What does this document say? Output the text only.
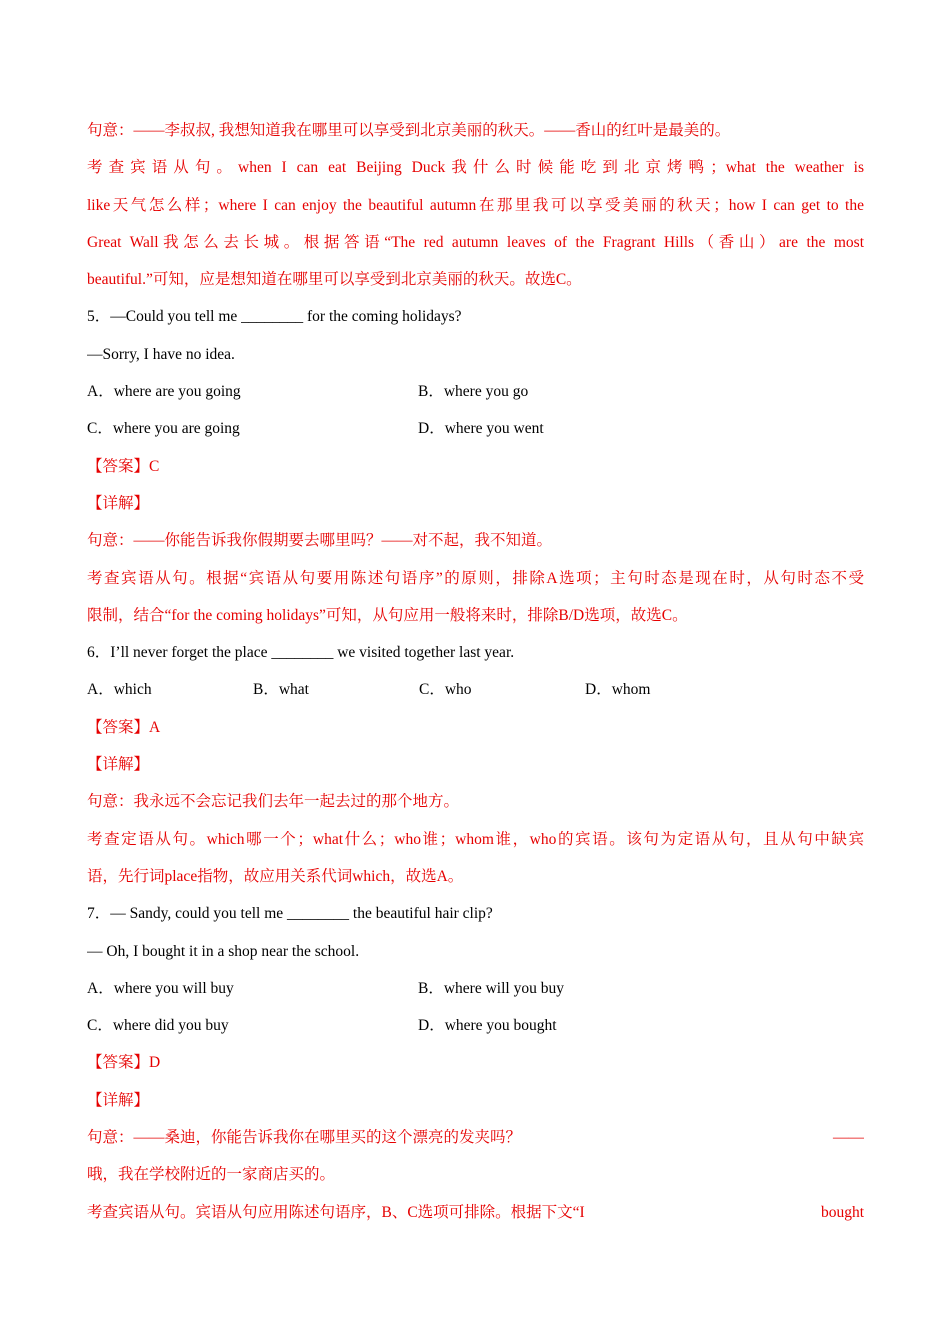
句意：——李叔叔, 我想知道我在哪里可以享受到北京美丽的秋天。——香山的红叶是最美的。
考查宾语从句。when I can eat Beijing Duck我什么时候能吃到北京烤鸭；what the weather is
like天气怎么样；where I can enjoy the beautiful autumn在那里我可以享受美丽的秋天；how I can get to the
Great Wall我怎么去长城。根据答语“The red autumn leaves of the Fragrant Hills（香山）are the most
beautiful.”可知，应是想知道在哪里可以享受到北京美丽的秋天。故选C。
5．—Could you tell me ________ for the coming holidays?
—Sorry, I have no idea.
A．where are you going	B．where you go
C．where you are going	D．where you went
【答案】C
【详解】
句意：——你能告诉我你假期要去哪里吗？——对不起，我不知道。
考查宾语从句。根据“宾语从句要用陈述句语序”的原则，排除A选项；主句时态是现在时，从句时态不受
限制，结合“for the coming holidays”可知，从句应用一般将来时，排除B/D选项，故选C。
6．I’ll never forget the place ________ we visited together last year.
A．which	B．what	C．who	D．whom
【答案】A
【详解】
句意：我永远不会忘记我们去年一起去过的那个地方。
考查定语从句。which哪一个；what什么；who谁；whom谁，who的宾语。该句为定语从句，且从句中缺宾
语，先行词place指物，故应用关系代词which，故选A。
7．— Sandy, could you tell me ________ the beautiful hair clip?
— Oh, I bought it in a shop near the school.
A．where you will buy	B．where will you buy
C．where did you buy	D．where you bought
【答案】D
【详解】
句意：——桑迪，你能告诉我你在哪里买的这个漂亮的发夹吗？	——
哦，我在学校附近的一家商店买的。
考查宾语从句。宾语从句应用陈述句语序，B、C选项可排除。根据下文“I	bought
